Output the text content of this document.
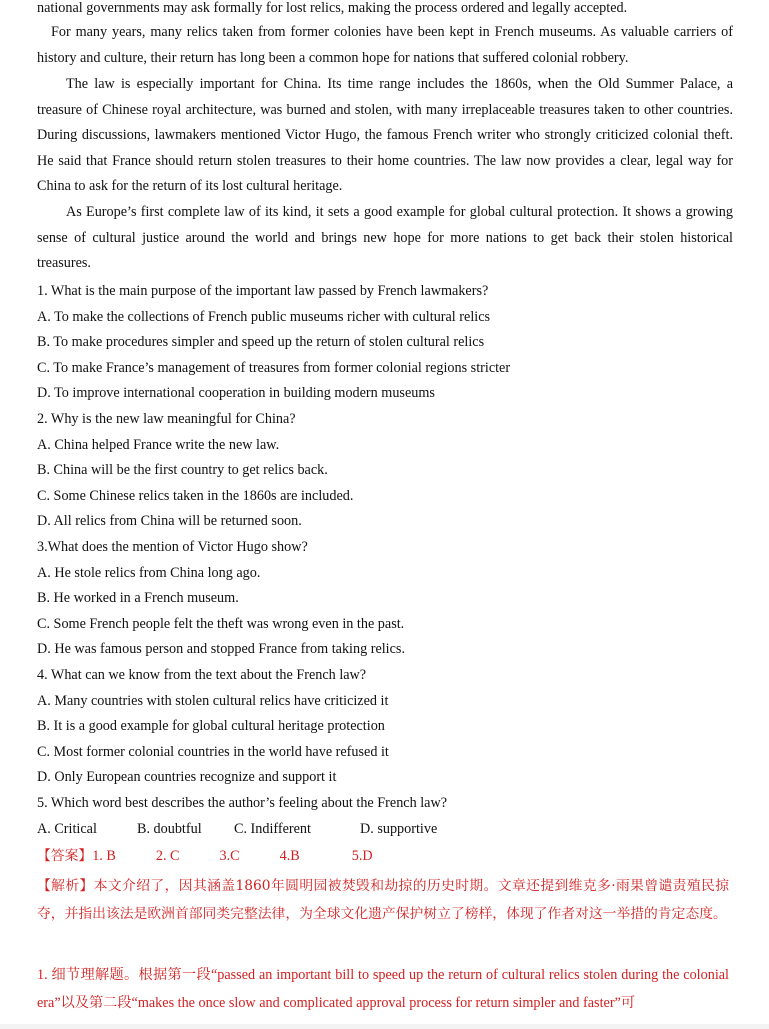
national governments may ask formally for lost relics, making the process ordered and legally accepted.
For many years, many relics taken from former colonies have been kept in French museums. As valuable carriers of history and culture, their return has long been a common hope for nations that suffered colonial robbery.
The law is especially important for China. Its time range includes the 1860s, when the Old Summer Palace, a treasure of Chinese royal architecture, was burned and stolen, with many irreplaceable treasures taken to other countries. During discussions, lawmakers mentioned Victor Hugo, the famous French writer who strongly criticized colonial theft. He said that France should return stolen treasures to their home countries. The law now provides a clear, legal way for China to ask for the return of its lost cultural heritage.
As Europe’s first complete law of its kind, it sets a good example for global cultural protection. It shows a growing sense of cultural justice around the world and brings new hope for more nations to get back their stolen historical treasures.
1. What is the main purpose of the important law passed by French lawmakers?
A. To make the collections of French public museums richer with cultural relics
B. To make procedures simpler and speed up the return of stolen cultural relics
C. To make France’s management of treasures from former colonial regions stricter
D. To improve international cooperation in building modern museums
2. Why is the new law meaningful for China?
A. China helped France write the new law.
B. China will be the first country to get relics back.
C. Some Chinese relics taken in the 1860s are included.
D. All relics from China will be returned soon.
3.What does the mention of Victor Hugo show?
A. He stole relics from China long ago.
B. He worked in a French museum.
C. Some French people felt the theft was wrong even in the past.
D. He was famous person and stopped France from taking relics.
4. What can we know from the text about the French law?
A. Many countries with stolen cultural relics have criticized it
B. It is a good example for global cultural heritage protection
C. Most former colonial countries in the world have refused it
D. Only European countries recognize and support it
5. Which word best describes the author’s feeling about the French law?
A. Critical	B. doubtful C. Indifferent	D. supportive
【答案】1. B	2. C	3.C	4.B	5.D
【解析】本文介绍了，因其涵盖1860年圆明园被焚毁和劫掠的历史时期。文章还提到维克多·雨果曾谴责殖民掠夺，并指出该法是欧洲首部同类完整法律，为全球文化遗产保护树立了榜样，体现了作者对这一举措的肯定态度。
1. 细节理解题。根据第一段“passed an important bill to speed up the return of cultural relics stolen during the colonial era”以及第二段“makes the once slow and complicated approval process for return simpler and faster”可
